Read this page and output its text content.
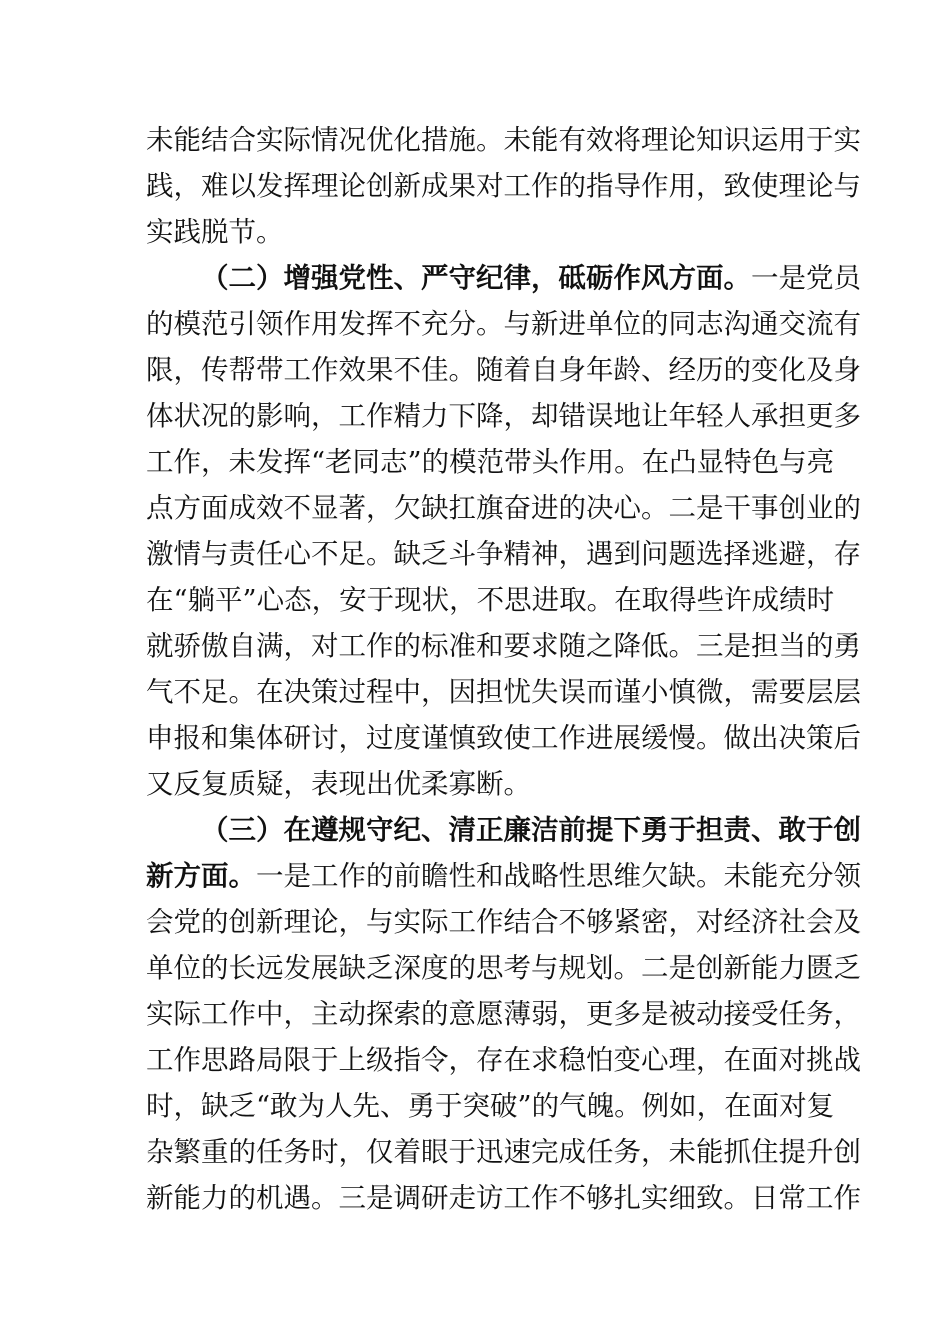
未能结合实际情况优化措施。未能有效将理论知识运用于实
践，难以发挥理论创新成果对工作的指导作用，致使理论与
实践脱节。
（二）增强党性、严守纪律，砥砺作风方面。一是党员
的模范引领作用发挥不充分。与新进单位的同志沟通交流有
限，传帮带工作效果不佳。随着自身年龄、经历的变化及身
体状况的影响，工作精力下降，却错误地让年轻人承担更多
工作，未发挥“老同志”的模范带头作用。在凸显特色与亮
点方面成效不显著，欠缺扛旗奋进的决心。二是干事创业的
激情与责任心不足。缺乏斗争精神，遇到问题选择逃避，存
在“躺平”心态，安于现状，不思进取。在取得些许成绩时
就骄傲自满，对工作的标准和要求随之降低。三是担当的勇
气不足。在决策过程中，因担忧失误而谨小慎微，需要层层
申报和集体研讨，过度谨慎致使工作进展缓慢。做出决策后
又反复质疑，表现出优柔寡断。
（三）在遵规守纪、清正廉洁前提下勇于担责、敢于创
新方面。一是工作的前瞻性和战略性思维欠缺。未能充分领
会党的创新理论，与实际工作结合不够紧密，对经济社会及
单位的长远发展缺乏深度的思考与规划。二是创新能力匮乏
实际工作中，主动探索的意愿薄弱，更多是被动接受任务，
工作思路局限于上级指令，存在求稳怕变心理，在面对挑战
时，缺乏“敢为人先、勇于突破”的气魄。例如，在面对复
杂繁重的任务时，仅着眼于迅速完成任务，未能抓住提升创
新能力的机遇。三是调研走访工作不够扎实细致。日常工作
